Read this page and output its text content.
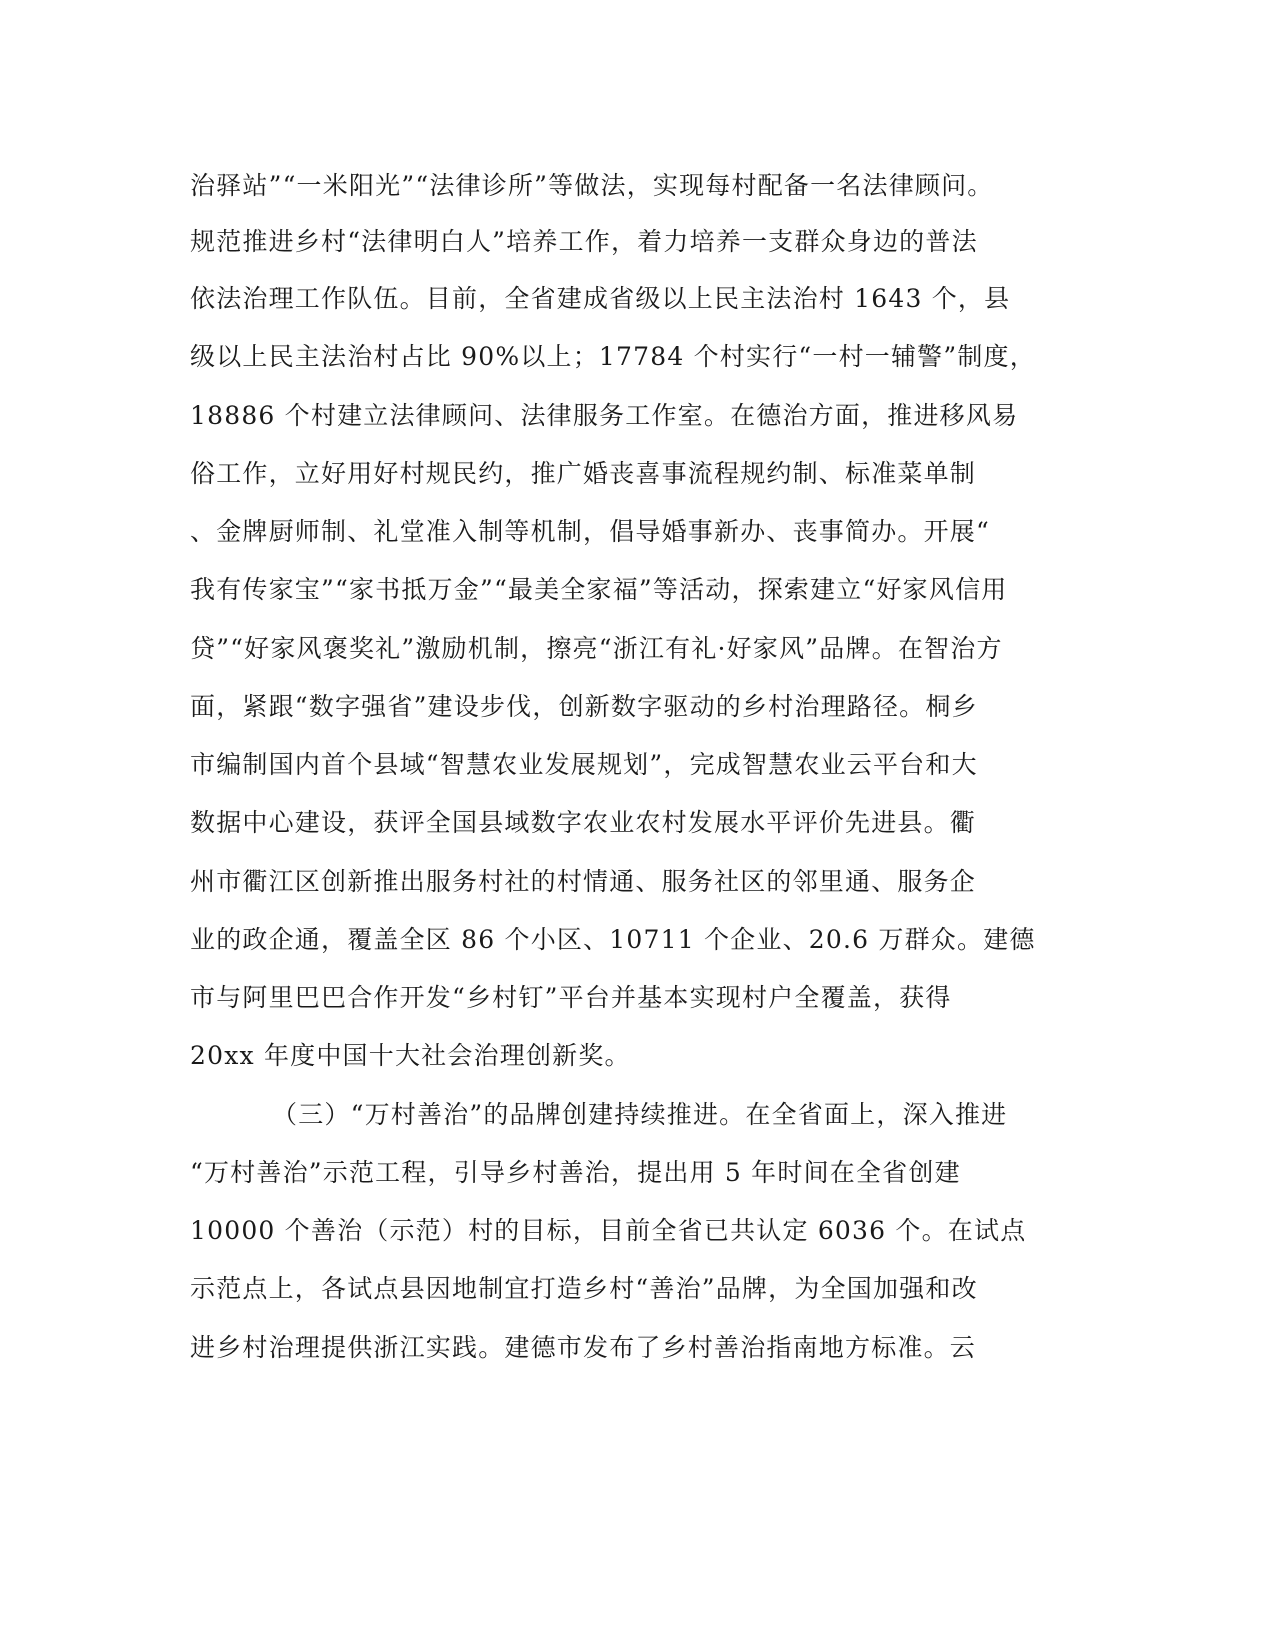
治驿站”“一米阳光”“法律诊所”等做法，实现每村配备一名法律顾问。
规范推进乡村“法律明白人”培养工作，着力培养一支群众身边的普法
依法治理工作队伍。目前，全省建成省级以上民主法治村 1643 个，县
级以上民主法治村占比 90%以上；17784 个村实行“一村一辅警”制度，
18886 个村建立法律顾问、法律服务工作室。在德治方面，推进移风易
俗工作，立好用好村规民约，推广婚丧喜事流程规约制、标准菜单制
、金牌厨师制、礼堂准入制等机制，倡导婚事新办、丧事简办。开展“
我有传家宝”“家书抵万金”“最美全家福”等活动，探索建立“好家风信用
贷”“好家风褒奖礼”激励机制，擦亮“浙江有礼·好家风”品牌。在智治方
面，紧跟“数字强省”建设步伐，创新数字驱动的乡村治理路径。桐乡
市编制国内首个县域“智慧农业发展规划”，完成智慧农业云平台和大
数据中心建设，获评全国县域数字农业农村发展水平评价先进县。衢
州市衢江区创新推出服务村社的村情通、服务社区的邻里通、服务企
业的政企通，覆盖全区 86 个小区、10711 个企业、20.6 万群众。建德
市与阿里巴巴合作开发“乡村钉”平台并基本实现村户全覆盖，获得
20xx 年度中国十大社会治理创新奖。
（三）“万村善治”的品牌创建持续推进。在全省面上，深入推进
“万村善治”示范工程，引导乡村善治，提出用 5 年时间在全省创建
10000 个善治（示范）村的目标，目前全省已共认定 6036 个。在试点
示范点上，各试点县因地制宜打造乡村“善治”品牌，为全国加强和改
进乡村治理提供浙江实践。建德市发布了乡村善治指南地方标准。云
